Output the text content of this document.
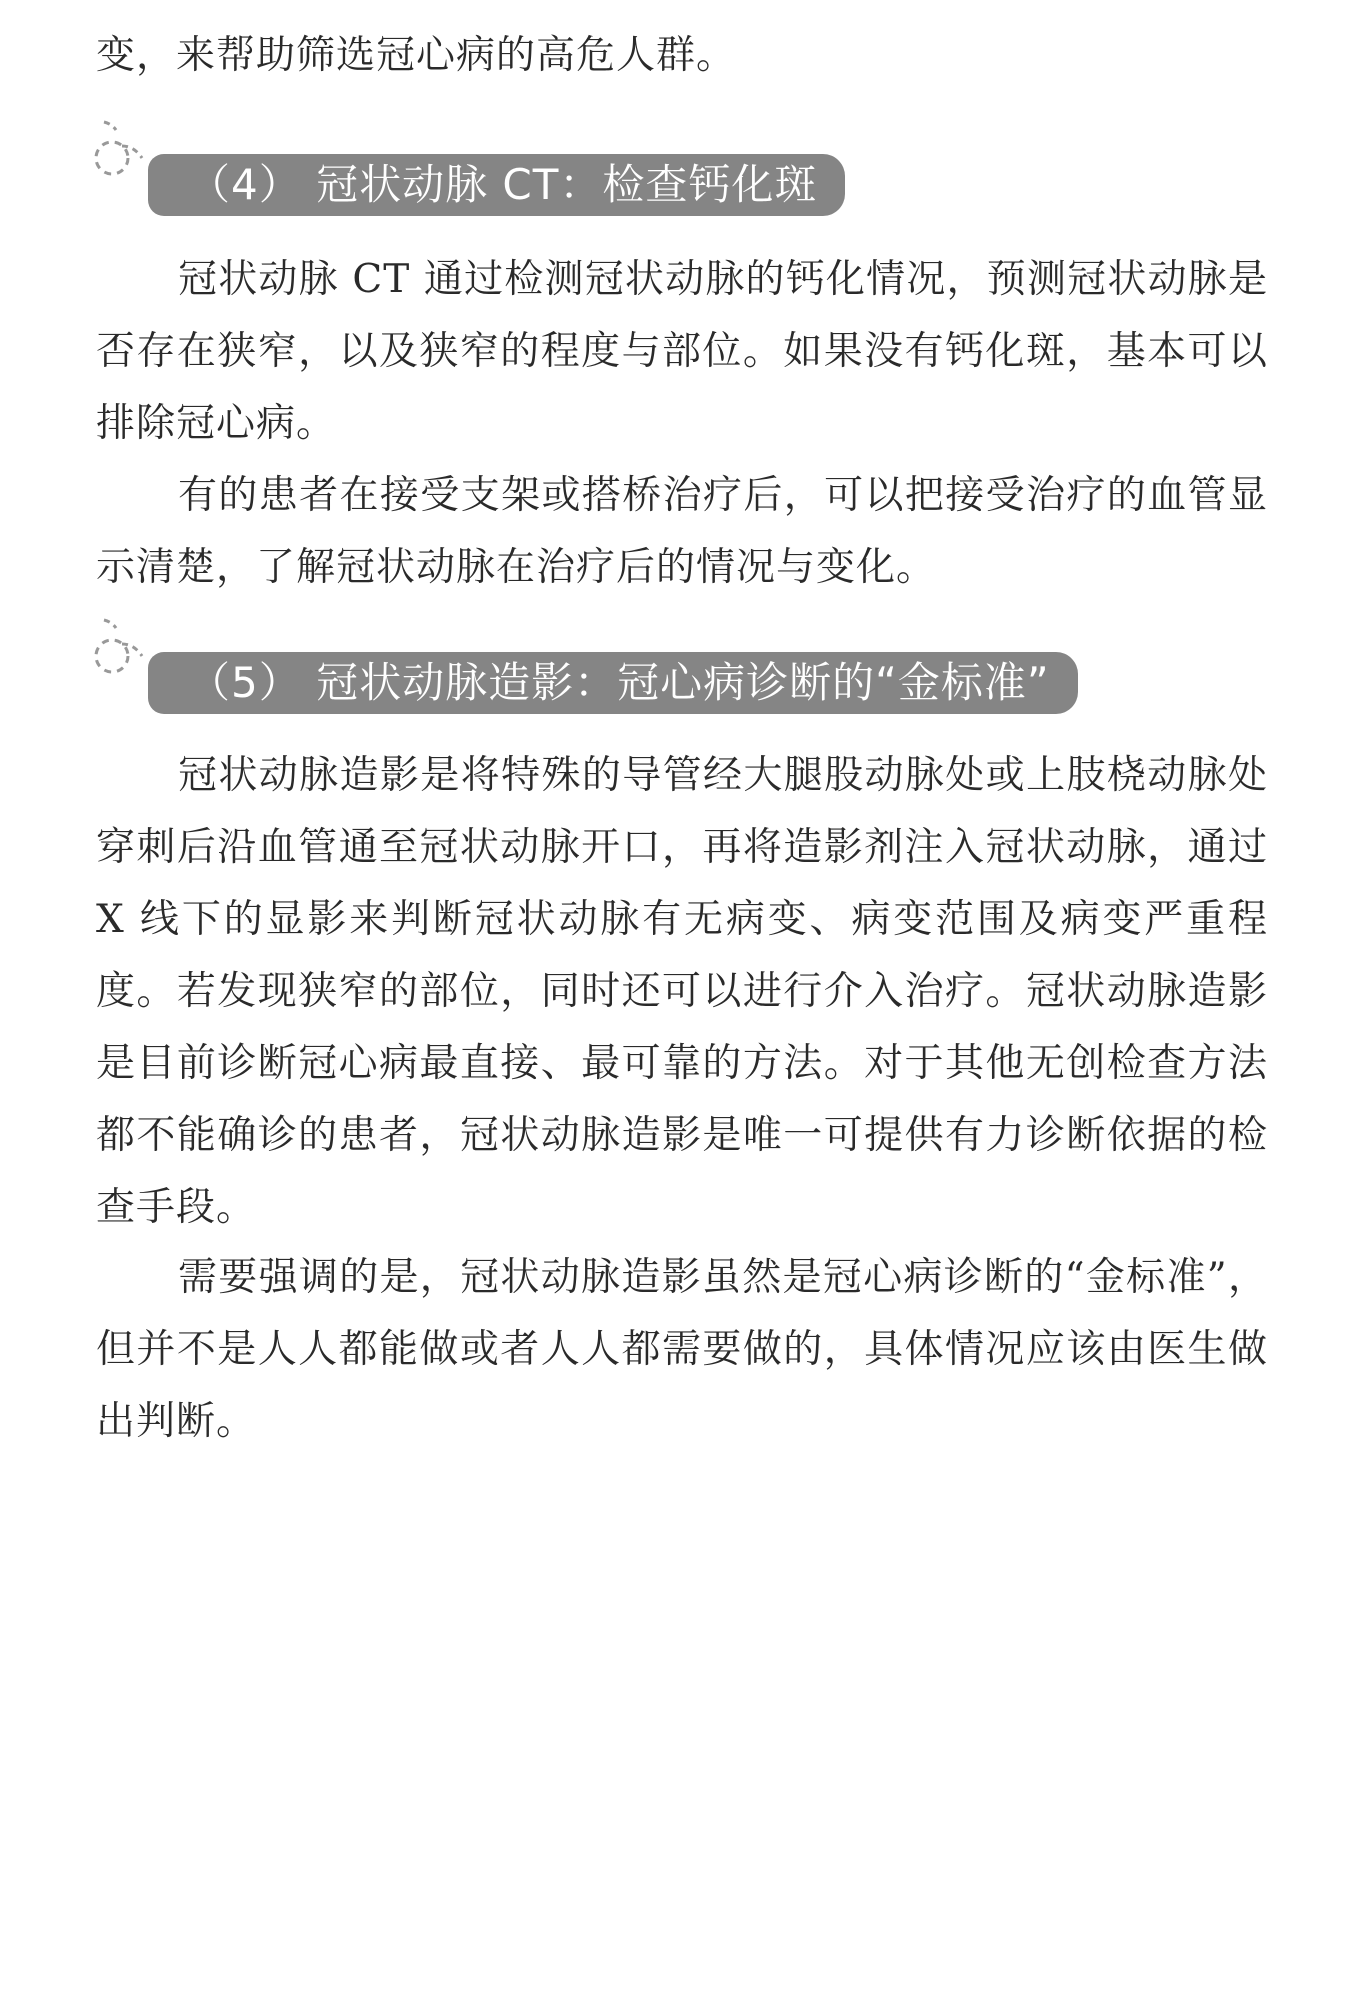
变，来帮助筛选冠心病的高危人群。

（4） 冠状动脉 CT：检查钙化斑

冠状动脉 CT 通过检测冠状动脉的钙化情况，预测冠状动脉是否存在狭窄，以及狭窄的程度与部位。如果没有钙化斑，基本可以排除冠心病。

有的患者在接受支架或搭桥治疗后，可以把接受治疗的血管显示清楚，了解冠状动脉在治疗后的情况与变化。

（5） 冠状动脉造影：冠心病诊断的“金标准”

冠状动脉造影是将特殊的导管经大腿股动脉处或上肢桡动脉处穿刺后沿血管通至冠状动脉开口，再将造影剂注入冠状动脉，通过 X 线下的显影来判断冠状动脉有无病变、病变范围及病变严重程度。若发现狭窄的部位，同时还可以进行介入治疗。冠状动脉造影是目前诊断冠心病最直接、最可靠的方法。对于其他无创检查方法都不能确诊的患者，冠状动脉造影是唯一可提供有力诊断依据的检查手段。

需要强调的是，冠状动脉造影虽然是冠心病诊断的“金标准”，但并不是人人都能做或者人人都需要做的，具体情况应该由医生做出判断。
